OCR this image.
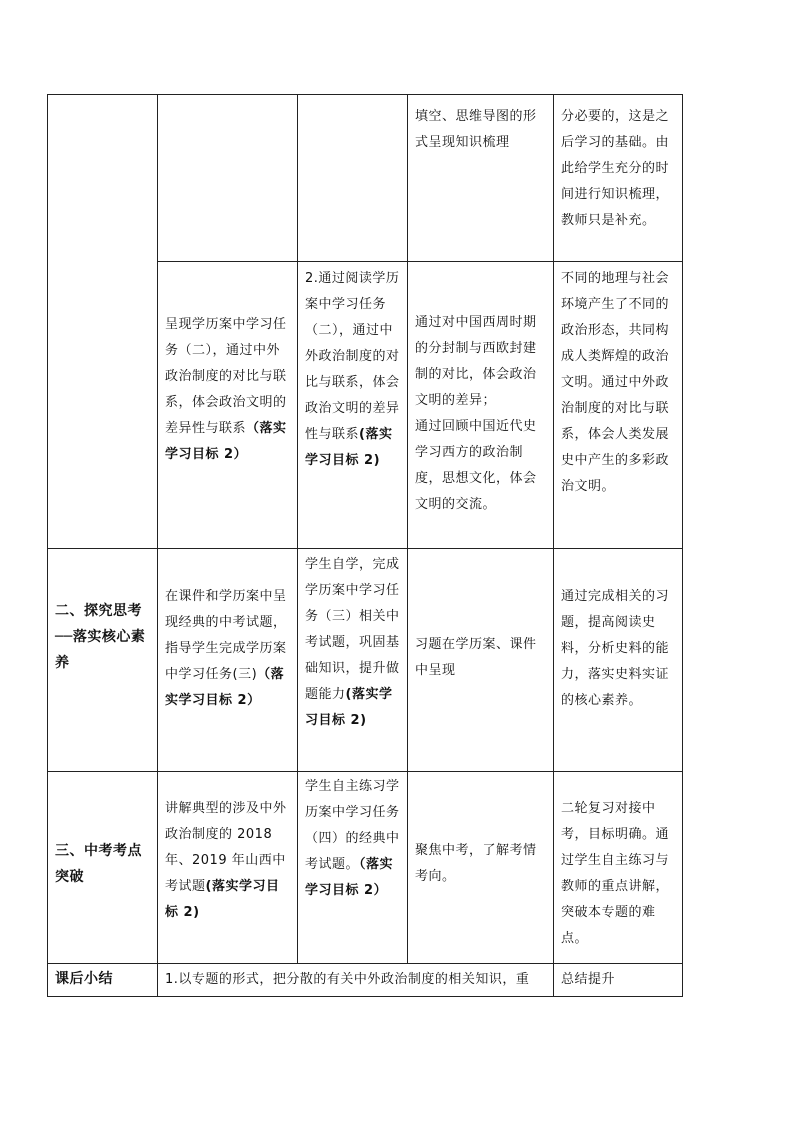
填空、思维导图的形式呈现知识梳理
分必要的，这是之后学习的基础。由此给学生充分的时间进行知识梳理，教师只是补充。
呈现学历案中学习任务（二），通过中外政治制度的对比与联系，体会政治文明的差异性与联系（落实学习目标 2）
2.通过阅读学历案中学习任务（二），通过中外政治制度的对比与联系，体会政治文明的差异性与联系(落实学习目标 2)
通过对中国西周时期的分封制与西欧封建制的对比，体会政治文明的差异；
通过回顾中国近代史学习西方的政治制度，思想文化，体会文明的交流。
不同的地理与社会环境产生了不同的政治形态，共同构成人类辉煌的政治文明。通过中外政治制度的对比与联系，体会人类发展史中产生的多彩政治文明。
二、探究思考──落实核心素养
在课件和学历案中呈现经典的中考试题，指导学生完成学历案中学习任务(三)（落实学习目标 2）
学生自学，完成学历案中学习任务（三）相关中考试题，巩固基础知识，提升做题能力(落实学习目标 2)
习题在学历案、课件中呈现
通过完成相关的习题，提高阅读史料，分析史料的能力，落实史料实证的核心素养。
三、中考考点突破
讲解典型的涉及中外政治制度的 2018 年、2019 年山西中考试题(落实学习目标 2)
学生自主练习学历案中学习任务（四）的经典中考试题。（落实学习目标 2）
聚焦中考，了解考情考向。
二轮复习对接中考，目标明确。通过学生自主练习与教师的重点讲解，突破本专题的难点。
课后小结	1.以专题的形式，把分散的有关中外政治制度的相关知识，重	总结提升
